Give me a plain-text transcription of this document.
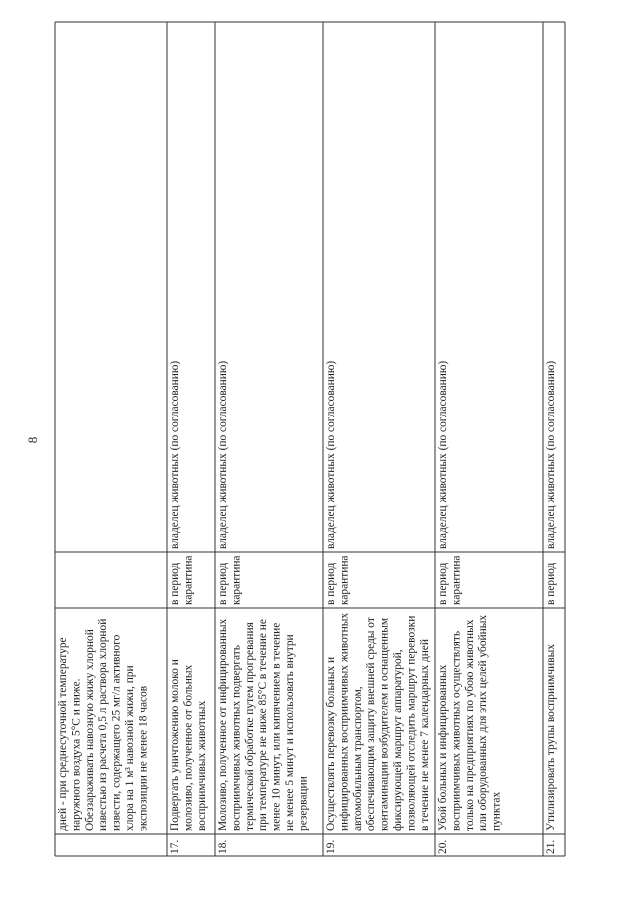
8
дней - при среднесуточной температуренаружного воздуха 5°С и ниже.Обеззараживать навозную жижу хлорнойизвестью из расчета 0,5 л раствора хлорнойизвести, содержащего 25 мг/л активногохлора на 1 м³ навозной жижи, приэкспозиции не менее 18 часов
17.
Подвергать уничтожению молоко имолозиво, полученное от больныхвосприимчивых животных
в периодкарантина
владелец животных (по согласованию)
18.
Молозиво, полученное от инфицированныхвосприимчивых животных подвергатьтермической обработке путем прогреванияпри температуре не ниже 85°С в течение неменее 10 минут, или кипячением в течениене менее 5 минут и использовать внутрирезервации
в периодкарантина
владелец животных (по согласованию)
19.
Осуществлять перевозку больных иинфицированных восприимчивых животныхавтомобильным транспортом,обеспечивающим защиту внешней среды отконтаминации возбудителем и оснащеннымфиксирующей маршрут аппаратурой,позволяющей отследить маршрут перевозкив течение не менее 7 календарных дней
в периодкарантина
владелец животных (по согласованию)
20.
Убой больных и инфицированныхвосприимчивых животных осуществлятьтолько на предприятиях по убою животныхили оборудованных для этих целей убойныхпунктах
в периодкарантина
владелец животных (по согласованию)
21.
Утилизировать трупы восприимчивых
в период
владелец животных (по согласованию)
